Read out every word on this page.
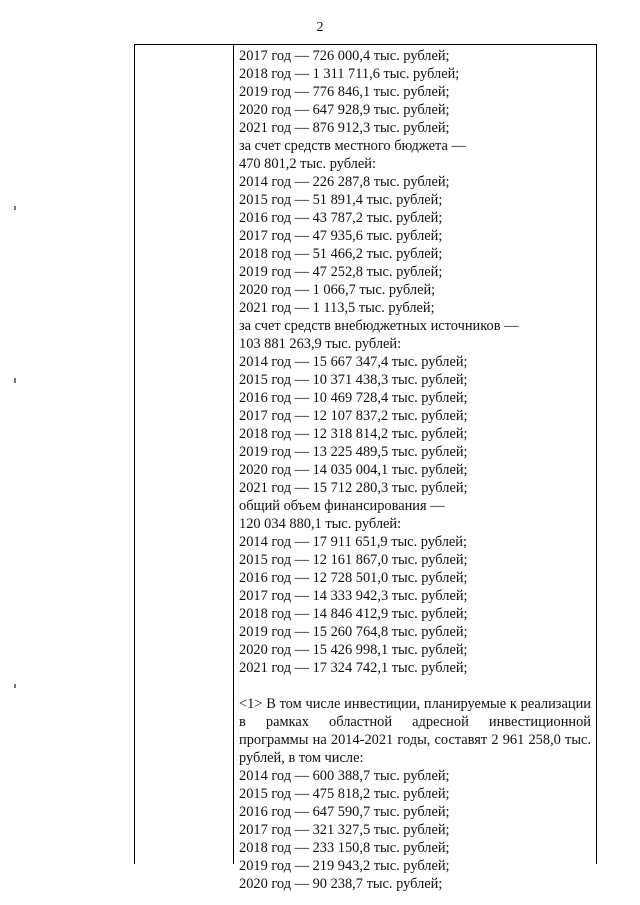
2
2017 год — 726 000,4 тыс. рублей;
2018 год — 1 311 711,6 тыс. рублей;
2019 год — 776 846,1 тыс. рублей;
2020 год — 647 928,9 тыс. рублей;
2021 год — 876 912,3 тыс. рублей;
за счет средств местного бюджета —
470 801,2 тыс. рублей:
2014 год — 226 287,8 тыс. рублей;
2015 год — 51 891,4 тыс. рублей;
2016 год — 43 787,2 тыс. рублей;
2017 год — 47 935,6 тыс. рублей;
2018 год — 51 466,2 тыс. рублей;
2019 год — 47 252,8 тыс. рублей;
2020 год — 1 066,7 тыс. рублей;
2021 год — 1 113,5 тыс. рублей;
за счет средств внебюджетных источников —
103 881 263,9 тыс. рублей:
2014 год — 15 667 347,4 тыс. рублей;
2015 год — 10 371 438,3 тыс. рублей;
2016 год — 10 469 728,4 тыс. рублей;
2017 год — 12 107 837,2 тыс. рублей;
2018 год — 12 318 814,2 тыс. рублей;
2019 год — 13 225 489,5 тыс. рублей;
2020 год — 14 035 004,1 тыс. рублей;
2021 год — 15 712 280,3 тыс. рублей;
общий объем финансирования —
120 034 880,1 тыс. рублей:
2014 год — 17 911 651,9 тыс. рублей;
2015 год — 12 161 867,0 тыс. рублей;
2016 год — 12 728 501,0 тыс. рублей;
2017 год — 14 333 942,3 тыс. рублей;
2018 год — 14 846 412,9 тыс. рублей;
2019 год — 15 260 764,8 тыс. рублей;
2020 год — 15 426 998,1 тыс. рублей;
2021 год — 17 324 742,1 тыс. рублей;

<1> В том числе инвестиции, планируемые к реализации в рамках областной адресной инвестиционной программы на 2014-2021 годы, составят 2 961 258,0 тыс. рублей, в том числе:

2014 год — 600 388,7 тыс. рублей;
2015 год — 475 818,2 тыс. рублей;
2016 год — 647 590,7 тыс. рублей;
2017 год — 321 327,5 тыс. рублей;
2018 год — 233 150,8 тыс. рублей;
2019 год — 219 943,2 тыс. рублей;
2020 год — 90 238,7 тыс. рублей;
